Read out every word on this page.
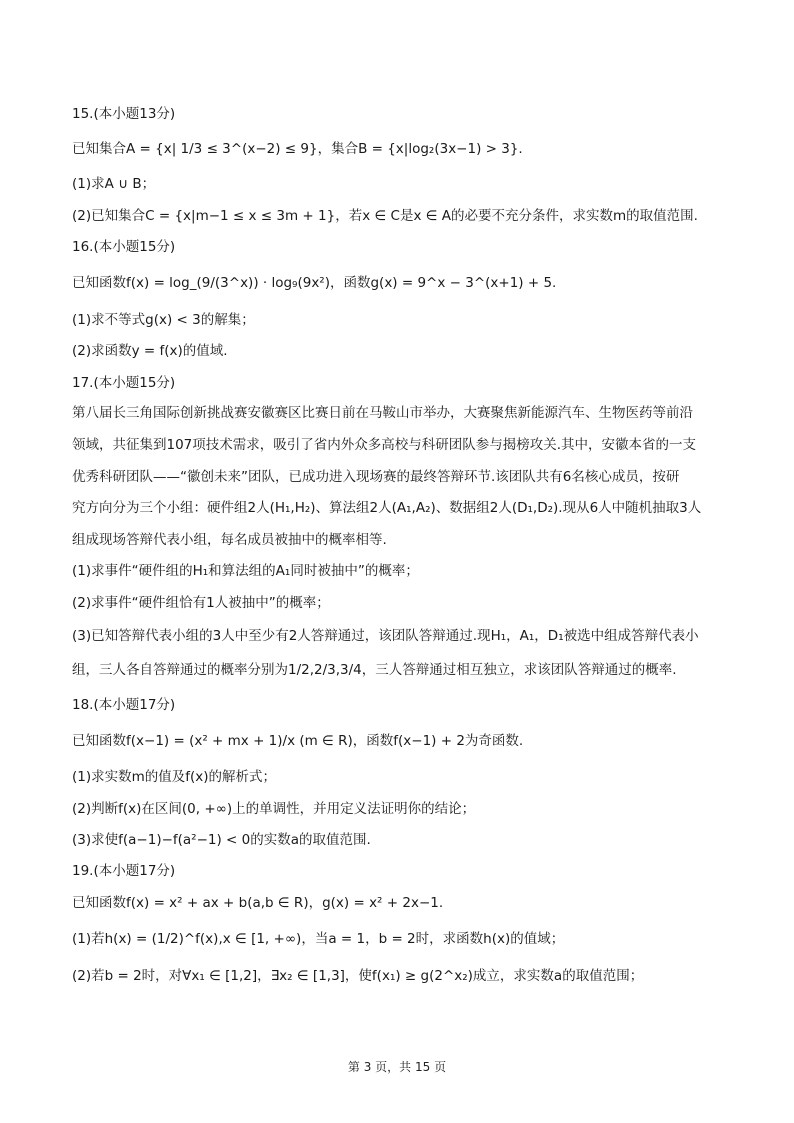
15.(本小题13分)
已知集合A = {x| 1/3 ≤ 3^(x−2) ≤ 9}，集合B = {x|log₂(3x−1) > 3}.
(1)求A ∪ B；
(2)已知集合C = {x|m−1 ≤ x ≤ 3m + 1}，若x ∈ C是x ∈ A的必要不充分条件，求实数m的取值范围.
16.(本小题15分)
已知函数f(x) = log_(9/(3^x)) · log₉(9x²)，函数g(x) = 9^x − 3^(x+1) + 5.
(1)求不等式g(x) < 3的解集；
(2)求函数y = f(x)的值域.
17.(本小题15分)
第八届长三角国际创新挑战赛安徽赛区比赛日前在马鞍山市举办，大赛聚焦新能源汽车、生物医药等前沿
领域，共征集到107项技术需求，吸引了省内外众多高校与科研团队参与揭榜攻关.其中，安徽本省的一支
优秀科研团队——“徽创未来”团队，已成功进入现场赛的最终答辩环节.该团队共有6名核心成员，按研
究方向分为三个小组：硬件组2人(H₁,H₂)、算法组2人(A₁,A₂)、数据组2人(D₁,D₂).现从6人中随机抽取3人
组成现场答辩代表小组，每名成员被抽中的概率相等.
(1)求事件“硬件组的H₁和算法组的A₁同时被抽中”的概率；
(2)求事件“硬件组恰有1人被抽中”的概率；
(3)已知答辩代表小组的3人中至少有2人答辩通过，该团队答辩通过.现H₁，A₁，D₁被选中组成答辩代表小
组，三人各自答辩通过的概率分别为1/2,2/3,3/4，三人答辩通过相互独立，求该团队答辩通过的概率.
18.(本小题17分)
已知函数f(x−1) = (x² + mx + 1)/x (m ∈ R)，函数f(x−1) + 2为奇函数.
(1)求实数m的值及f(x)的解析式；
(2)判断f(x)在区间(0, +∞)上的单调性，并用定义法证明你的结论；
(3)求使f(a−1)−f(a²−1) < 0的实数a的取值范围.
19.(本小题17分)
已知函数f(x) = x² + ax + b(a,b ∈ R)，g(x) = x² + 2x−1.
(1)若h(x) = (1/2)^f(x),x ∈ [1, +∞)，当a = 1，b = 2时，求函数h(x)的值域；
(2)若b = 2时，对∀x₁ ∈ [1,2]，∃x₂ ∈ [1,3]，使f(x₁) ≥ g(2^x₂)成立，求实数a的取值范围；
第 3 页，共 15 页
